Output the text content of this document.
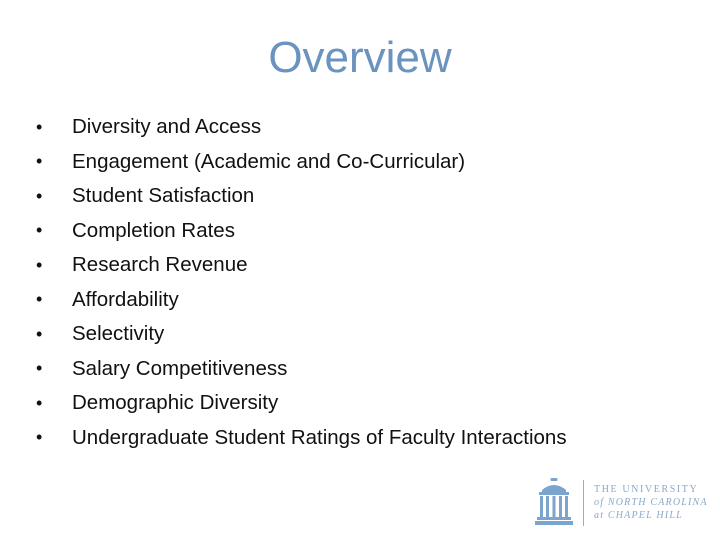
Overview
•	Diversity and Access
•	Engagement (Academic and Co-Curricular)
•	Student Satisfaction
•	Completion Rates
•	Research Revenue
•	Affordability
•	Selectivity
•	Salary Competitiveness
•	Demographic Diversity
•	Undergraduate Student Ratings of Faculty Interactions
THE UNIVERSITY
of NORTH CAROLINA
at CHAPEL HILL
